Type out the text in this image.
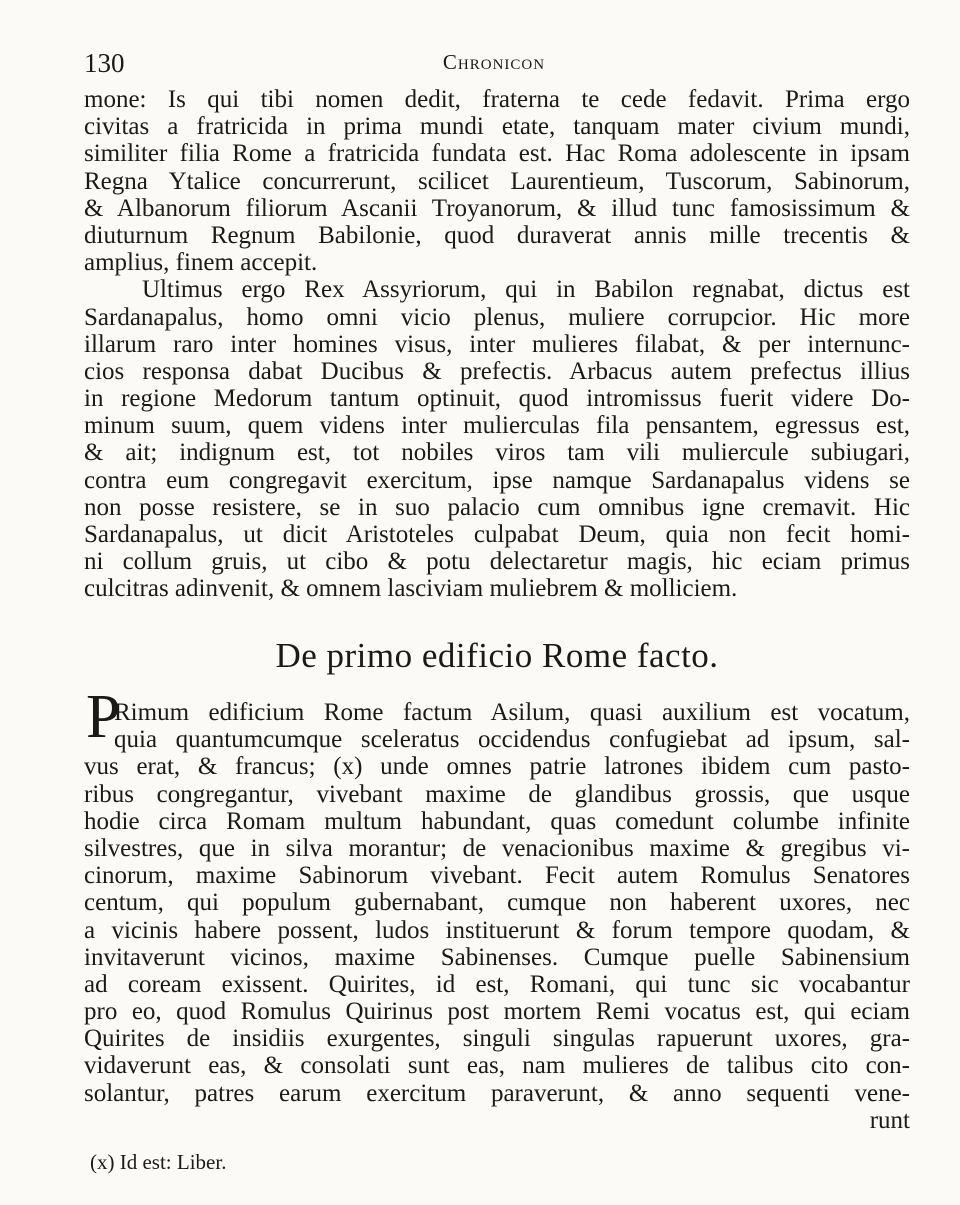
130	Chronicon
mone: Is qui tibi nomen dedit, fraterna te cede fedavit. Prima ergo
civitas a fratricida in prima mundi etate, tanquam mater civium mundi,
similiter filia Rome a fratricida fundata est. Hac Roma adolescente in ipsam
Regna Ytalice concurrerunt, scilicet Laurentieum, Tuscorum, Sabinorum,
& Albanorum filiorum Ascanii Troyanorum, & illud tunc famosissimum &
diuturnum Regnum Babilonie, quod duraverat annis mille trecentis &
amplius, finem accepit.
Ultimus ergo Rex Assyriorum, qui in Babilon regnabat, dictus est
Sardanapalus, homo omni vicio plenus, muliere corrupcior. Hic more
illarum raro inter homines visus, inter mulieres filabat, & per internunc-
cios responsa dabat Ducibus & prefectis. Arbacus autem prefectus illius
in regione Medorum tantum optinuit, quod intromissus fuerit videre Do-
minum suum, quem videns inter mulierculas fila pensantem, egressus est,
& ait; indignum est, tot nobiles viros tam vili muliercule subiugari,
contra eum congregavit exercitum, ipse namque Sardanapalus videns se
non posse resistere, se in suo palacio cum omnibus igne cremavit. Hic
Sardanapalus, ut dicit Aristoteles culpabat Deum, quia non fecit homi-
ni collum gruis, ut cibo & potu delectaretur magis, hic eciam primus
culcitras adinvenit, & omnem lasciviam muliebrem & molliciem.
De primo edificio Rome facto.
P
Rimum edificium Rome factum Asilum, quasi auxilium est vocatum,
quia quantumcumque sceleratus occidendus confugiebat ad ipsum, sal-
vus erat, & francus; (x) unde omnes patrie latrones ibidem cum pasto-
ribus congregantur, vivebant maxime de glandibus grossis, que usque
hodie circa Romam multum habundant, quas comedunt columbe infinite
silvestres, que in silva morantur; de venacionibus maxime & gregibus vi-
cinorum, maxime Sabinorum vivebant. Fecit autem Romulus Senatores
centum, qui populum gubernabant, cumque non haberent uxores, nec
a vicinis habere possent, ludos instituerunt & forum tempore quodam, &
invitaverunt vicinos, maxime Sabinenses. Cumque puelle Sabinensium
ad coream exissent. Quirites, id est, Romani, qui tunc sic vocabantur
pro eo, quod Romulus Quirinus post mortem Remi vocatus est, qui eciam
Quirites de insidiis exurgentes, singuli singulas rapuerunt uxores, gra-
vidaverunt eas, & consolati sunt eas, nam mulieres de talibus cito con-
solantur, patres earum exercitum paraverunt, & anno sequenti vene-
runt
(x) Id est: Liber.
